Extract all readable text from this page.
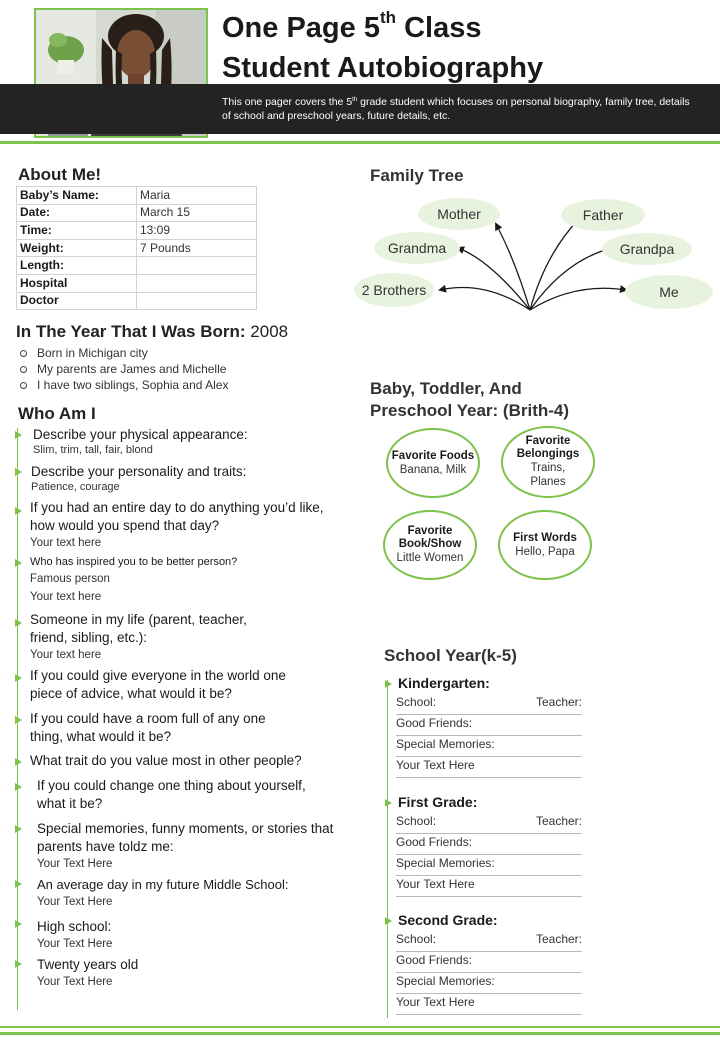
One Page 5th Class
Student Autobiography
This one pager covers the 5th grade student which focuses on personal biography, family tree, details of school and preschool years, future details, etc.
About Me!
Baby’s Name:	Maria
Date:	March 15
Time:	13:09
Weight:	7 Pounds
Length:	
Hospital	
Doctor	
In The Year That I Was Born: 2008
Born in Michigan city
My parents are James and Michelle
I have two siblings, Sophia and Alex
Who Am I
Describe your physical appearance:
Slim, trim, tall, fair, blond
Describe your personality and traits:
Patience, courage
If you had an entire day to do anything you’d like, how would you spend that day?
Your text here
Who has inspired you to be better person?
Famous person
Your text here
Someone in my life (parent, teacher, friend, sibling, etc.):
Your text here
If you could give everyone in the world one piece of advice, what would it be?
If you could have a room full of any one thing, what would it be?
What trait do you value most in other people?
If you could change one thing about yourself, what it be?
Special memories, funny moments, or stories that parents have toldz me:
Your Text Here
An average day in my future Middle School:
Your Text Here
High school:
Your Text Here
Twenty years old
Your Text Here
Family Tree
Mother	Father
Grandma	Grandpa
2 Brothers	Me
Baby, Toddler, And
Preschool Year: (Brith-4)
Favorite Foods
Banana, Milk
Favorite Belongings
Trains, Planes
Favorite Book/Show
Little Women
First Words
Hello, Papa
School Year(k-5)
Kindergarten:
School:	Teacher:
Good Friends:
Special Memories:
Your Text Here
First Grade:
School:	Teacher:
Good Friends:
Special Memories:
Your Text Here
Second Grade:
School:	Teacher:
Good Friends:
Special Memories:
Your Text Here
